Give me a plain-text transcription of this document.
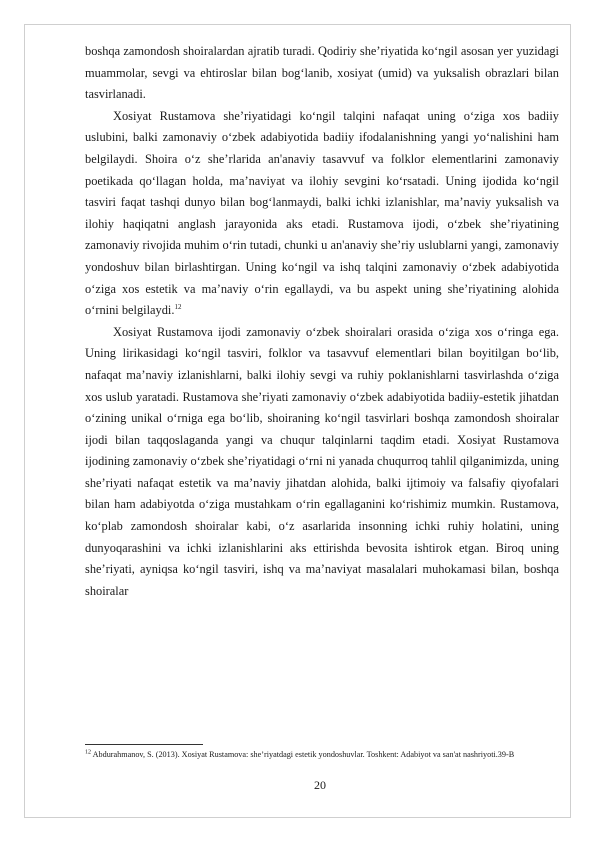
boshqa zamondosh shoiralardan ajratib turadi. Qodiriy she’riyatida ko‘ngil asosan yer yuzidagi muammolar, sevgi va ehtiroslar bilan bog‘lanib, xosiyat (umid) va yuksalish obrazlari bilan tasvirlanadi.

Xosiyat Rustamova she’riyatidagi ko‘ngil talqini nafaqat uning o‘ziga xos badiiy uslubini, balki zamonaviy o‘zbek adabiyotida badiiy ifodalanishning yangi yo‘nalishini ham belgilaydi. Shoira o‘z she’rlarida an'anaviy tasavvuf va folklor elementlarini zamonaviy poetikada qo‘llagan holda, ma’naviyat va ilohiy sevgini ko‘rsatadi. Uning ijodida ko‘ngil tasviri faqat tashqi dunyo bilan bog‘lanmaydi, balki ichki izlanishlar, ma’naviy yuksalish va ilohiy haqiqatni anglash jarayonida aks etadi. Rustamova ijodi, o‘zbek she’riyatining zamonaviy rivojida muhim o‘rin tutadi, chunki u an'anaviy she’riy uslublarni yangi, zamonaviy yondoshuv bilan birlashtirgan. Uning ko‘ngil va ishq talqini zamonaviy o‘zbek adabiyotida o‘ziga xos estetik va ma’naviy o‘rin egallaydi, va bu aspekt uning she’riyatining alohida o‘rnini belgilaydi.$^{12}$

Xosiyat Rustamova ijodi zamonaviy o‘zbek shoiralari orasida o‘ziga xos o‘ringa ega. Uning lirikasidagi ko‘ngil tasviri, folklor va tasavvuf elementlari bilan boyitilgan bo‘lib, nafaqat ma’naviy izlanishlarni, balki ilohiy sevgi va ruhiy poklanishlarni tasvirlashda o‘ziga xos uslub yaratadi. Rustamova she’riyati zamonaviy o‘zbek adabiyotida badiiy-estetik jihatdan o‘zining unikal o‘rniga ega bo‘lib, shoiraning ko‘ngil tasvirlari boshqa zamondosh shoiralar ijodi bilan taqqoslaganda yangi va chuqur talqinlarni taqdim etadi. Xosiyat Rustamova ijodining zamonaviy o‘zbek she’riyatidagi o‘rni ni yanada chuqurroq tahlil qilganimizda, uning she’riyati nafaqat estetik va ma’naviy jihatdan alohida, balki ijtimoiy va falsafiy qiyofalari bilan ham adabiyotda o‘ziga mustahkam o‘rin egallaganini ko‘rishimiz mumkin. Rustamova, ko‘plab zamondosh shoiralar kabi, o‘z asarlarida insonning ichki ruhiy holatini, uning dunyoqarashini va ichki izlanishlarini aks ettirishda bevosita ishtirok etgan. Biroq uning she’riyati, ayniqsa ko‘ngil tasviri, ishq va ma’naviyat masalalari muhokamasi bilan, boshqa shoiralar

$^{12}$ Abdurahmanov, S. (2013). Xosiyat Rustamova: she’riyatdagi estetik yondoshuvlar. Toshkent: Adabiyot va san'at nashriyoti.39-B
20
